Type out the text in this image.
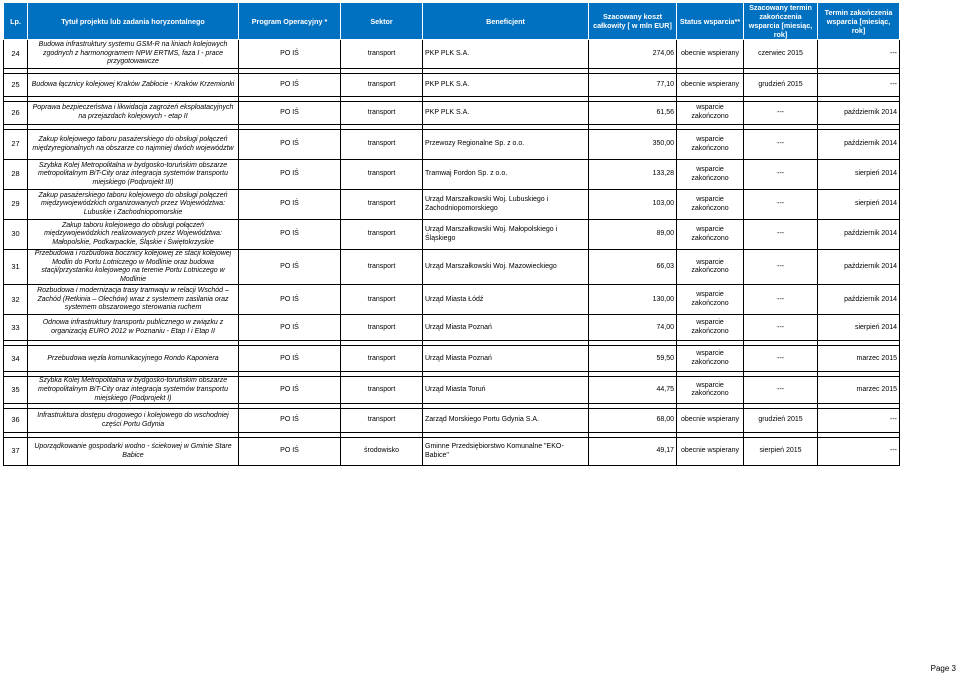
Lp.	Tytuł projektu lub zadania horyzontalnego	Program Operacyjny *	Sektor	Beneficjent	Szacowany koszt całkowity [ w mln EUR]	Status wsparcia**	Szacowany termin zakończenia wsparcia [miesiąc, rok]	Termin zakończenia wsparcia [miesiąc, rok]
24	Budowa infrastruktury systemu GSM-R na liniach kolejowych zgodnych z harmonogramem NPW ERTMS, faza I - prace przygotowawcze	PO IŚ	transport	PKP PLK S.A.	274,06	obecnie wspierany	czerwiec 2015	---

25	Budowa łącznicy kolejowej Kraków Zabłocie - Kraków Krzemionki	PO IŚ	transport	PKP PLK S.A.	77,10	obecnie wspierany	grudzień 2015	---

26	Poprawa bezpieczeństwa i likwidacja zagrożeń eksploatacyjnych na przejazdach kolejowych - etap II	PO IŚ	transport	PKP PLK S.A.	61,56	wsparcie zakończono	---	październik 2014

27	Zakup kolejowego taboru pasażerskiego do obsługi połączeń międzyregionalnych na obszarze co najmniej dwóch województw	PO IŚ	transport	Przewozy Regionalne Sp. z o.o.	350,00	wsparcie zakończono	---	październik 2014
28	Szybka Kolej Metropolitalna w bydgosko-toruńskim obszarze metropolitalnym BiT-City oraz integracja systemów transportu miejskiego (Podprojekt III)	PO IŚ	transport	Tramwaj Fordon Sp. z o.o.	133,28	wsparcie zakończono	---	sierpień 2014
29	Zakup pasażerskiego taboru kolejowego do obsługi połączeń międzywojewódzkich organizowanych przez Województwa: Lubuskie i Zachodniopomorskie	PO IŚ	transport	Urząd Marszałkowski Woj. Lubuskiego i Zachodniopomorskiego	103,00	wsparcie zakończono	---	sierpień 2014
30	Zakup taboru kolejowego do obsługi połączeń międzywojewódzkich realizowanych przez Województwa: Małopolskie, Podkarpackie, Śląskie i Świętokrzyskie	PO IŚ	transport	Urząd Marszałkowski Woj. Małopolskiego i Śląskiego	89,00	wsparcie zakończono	---	październik 2014
31	Przebudowa i rozbudowa bocznicy kolejowej ze stacji kolejowej Modlin do Portu Lotniczego w Modlinie oraz budowa stacji/przystanku kolejowego na terenie Portu Lotniczego w Modlinie	PO IŚ	transport	Urząd Marszałkowski Woj. Mazowieckiego	66,03	wsparcie zakończono	---	październik 2014
32	Rozbudowa i modernizacja trasy tramwaju w relacji Wschód – Zachód (Retkinia – Olechów) wraz z systemem zasilania oraz systemem obszarowego sterowania ruchem	PO IŚ	transport	Urząd Miasta Łódź	130,00	wsparcie zakończono	---	październik 2014
33	Odnowa infrastruktury transportu publicznego w związku z organizacją EURO 2012 w Poznaniu - Etap I i Etap II	PO IŚ	transport	Urząd Miasta Poznań	74,00	wsparcie zakończono	---	sierpień 2014

34	Przebudowa węzła komunikacyjnego Rondo Kaponiera	PO IŚ	transport	Urząd Miasta Poznań	59,50	wsparcie zakończono	---	marzec 2015

35	Szybka Kolej Metropolitalna w bydgosko-toruńskim obszarze metropolitalnym BiT-City oraz integracja systemów transportu miejskiego (Podprojekt I)	PO IŚ	transport	Urząd Miasta Toruń	44,75	wsparcie zakończono	---	marzec 2015

36	Infrastruktura dostępu drogowego i kolejowego do wschodniej części Portu Gdynia	PO IŚ	transport	Zarząd Morskiego Portu Gdynia S.A.	68,00	obecnie wspierany	grudzień 2015	---

37	Uporządkowanie gospodarki wodno - ściekowej w Gminie Stare Babice	PO IŚ	środowisko	Gminne Przedsiębiorstwo Komunalne "EKO-Babice"	49,17	obecnie wspierany	sierpień 2015	---
Page 3
